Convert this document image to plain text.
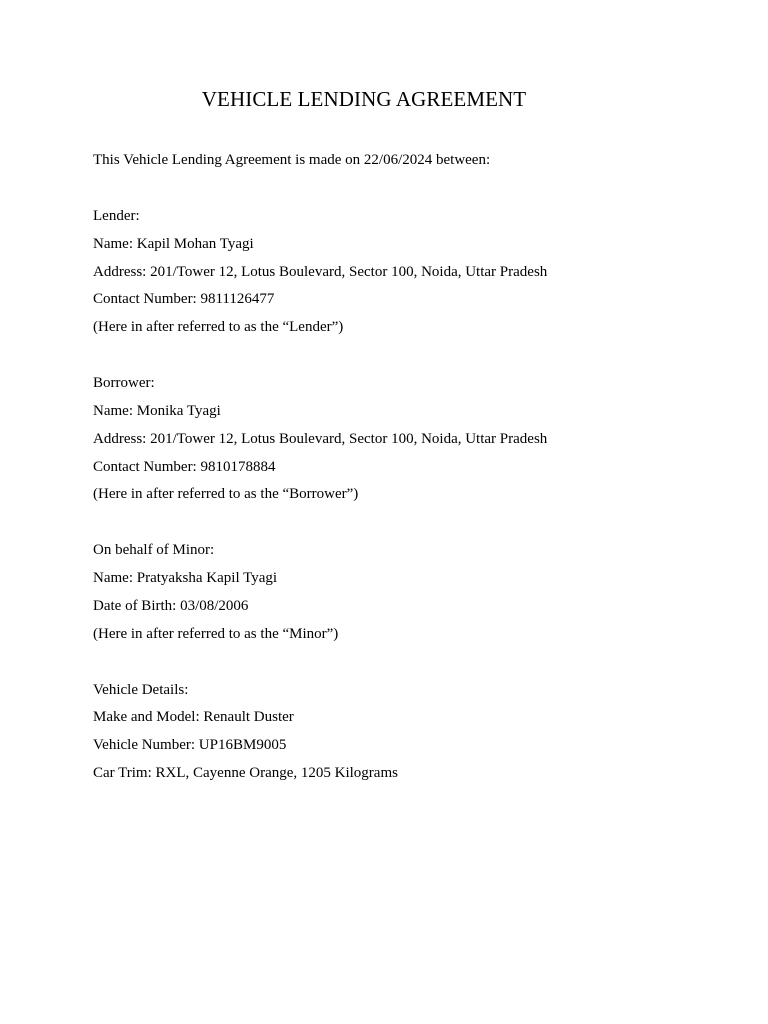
VEHICLE LENDING AGREEMENT
This Vehicle Lending Agreement is made on 22/06/2024 between:
Lender:
Name: Kapil Mohan Tyagi
Address: 201/Tower 12, Lotus Boulevard, Sector 100, Noida, Uttar Pradesh
Contact Number: 9811126477
(Here in after referred to as the “Lender”)
Borrower:
Name: Monika Tyagi
Address: 201/Tower 12, Lotus Boulevard, Sector 100, Noida, Uttar Pradesh
Contact Number: 9810178884
(Here in after referred to as the “Borrower”)
On behalf of Minor:
Name: Pratyaksha Kapil Tyagi
Date of Birth: 03/08/2006
(Here in after referred to as the “Minor”)
Vehicle Details:
Make and Model: Renault Duster
Vehicle Number: UP16BM9005
Car Trim: RXL, Cayenne Orange, 1205 Kilograms
